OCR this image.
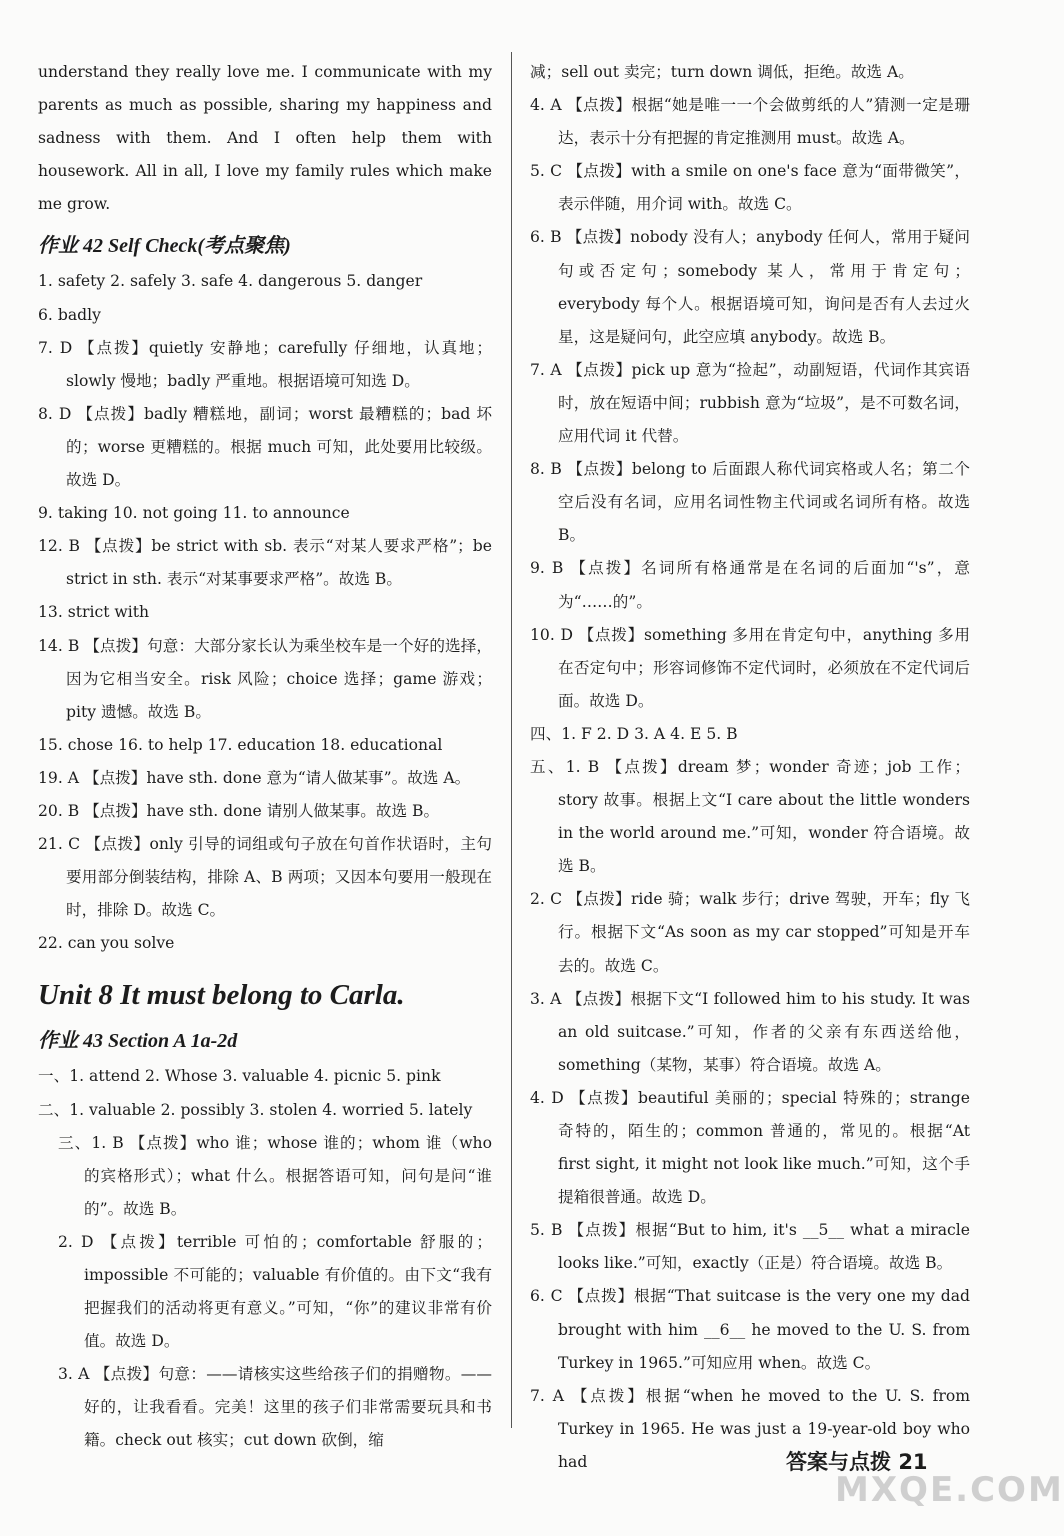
understand they really love me. I communicate with my parents as much as possible, sharing my happiness and sadness with them. And I often help them with housework. All in all, I love my family rules which make me grow.

作业 42 Self Check(考点聚焦)

1. safety 2. safely 3. safe 4. dangerous 5. danger

6. badly

7. D 【点拨】quietly 安静地；carefully 仔细地，认真地；slowly 慢地；badly 严重地。根据语境可知选 D。

8. D 【点拨】badly 糟糕地，副词；worst 最糟糕的；bad 坏的；worse 更糟糕的。根据 much 可知，此处要用比较级。故选 D。

9. taking 10. not going 11. to announce

12. B 【点拨】be strict with sb. 表示“对某人要求严格”；be strict in sth. 表示“对某事要求严格”。故选 B。

13. strict with

14. B 【点拨】句意：大部分家长认为乘坐校车是一个好的选择，因为它相当安全。risk 风险；choice 选择；game 游戏；pity 遗憾。故选 B。

15. chose 16. to help 17. education 18. educational

19. A 【点拨】have sth. done 意为“请人做某事”。故选 A。

20. B 【点拨】have sth. done 请别人做某事。故选 B。

21. C 【点拨】only 引导的词组或句子放在句首作状语时，主句要用部分倒装结构，排除 A、B 两项；又因本句要用一般现在时，排除 D。故选 C。

22. can you solve

Unit 8 It must belong to Carla.

作业 43 Section A 1a-2d

一、1. attend 2. Whose 3. valuable 4. picnic 5. pink

二、1. valuable 2. possibly 3. stolen 4. worried 5. lately

三、1. B 【点拨】who 谁；whose 谁的；whom 谁（who 的宾格形式）；what 什么。根据答语可知，问句是问“谁的”。故选 B。

2. D 【点拨】terrible 可怕的；comfortable 舒服的；impossible 不可能的；valuable 有价值的。由下文“我有把握我们的活动将更有意义。”可知，“你”的建议非常有价值。故选 D。

3. A 【点拨】句意：——请核实这些给孩子们的捐赠物。——好的，让我看看。完美！这里的孩子们非常需要玩具和书籍。check out 核实；cut down 砍倒，缩

减；sell out 卖完；turn down 调低，拒绝。故选 A。

4. A 【点拨】根据“她是唯一一个会做剪纸的人”猜测一定是珊达，表示十分有把握的肯定推测用 must。故选 A。

5. C 【点拨】with a smile on one's face 意为“面带微笑”，表示伴随，用介词 with。故选 C。

6. B 【点拨】nobody 没有人；anybody 任何人，常用于疑问句或否定句；somebody 某人，常用于肯定句；everybody 每个人。根据语境可知，询问是否有人去过火星，这是疑问句，此空应填 anybody。故选 B。

7. A 【点拨】pick up 意为“捡起”，动副短语，代词作其宾语时，放在短语中间；rubbish 意为“垃圾”，是不可数名词，应用代词 it 代替。

8. B 【点拨】belong to 后面跟人称代词宾格或人名；第二个空后没有名词，应用名词性物主代词或名词所有格。故选 B。

9. B 【点拨】名词所有格通常是在名词的后面加“'s”，意为“……的”。

10. D 【点拨】something 多用在肯定句中，anything 多用在否定句中；形容词修饰不定代词时，必须放在不定代词后面。故选 D。

四、1. F 2. D 3. A 4. E 5. B

五、1. B 【点拨】dream 梦；wonder 奇迹；job 工作；story 故事。根据上文“I care about the little wonders in the world around me.”可知，wonder 符合语境。故选 B。

2. C 【点拨】ride 骑；walk 步行；drive 驾驶，开车；fly 飞行。根据下文“As soon as my car stopped”可知是开车去的。故选 C。

3. A 【点拨】根据下文“I followed him to his study. It was an old suitcase.”可知，作者的父亲有东西送给他，something（某物，某事）符合语境。故选 A。

4. D 【点拨】beautiful 美丽的；special 特殊的；strange 奇特的，陌生的；common 普通的，常见的。根据“At first sight, it might not look like much.”可知，这个手提箱很普通。故选 D。

5. B 【点拨】根据“But to him, it's __5__ what a miracle looks like.”可知，exactly（正是）符合语境。故选 B。

6. C 【点拨】根据“That suitcase is the very one my dad brought with him __6__ he moved to the U. S. from Turkey in 1965.”可知应用 when。故选 C。

7. A 【点拨】根据“when he moved to the U. S. from Turkey in 1965. He was just a 19-year-old boy who had	答案与点拨 21
MXQE.COM
